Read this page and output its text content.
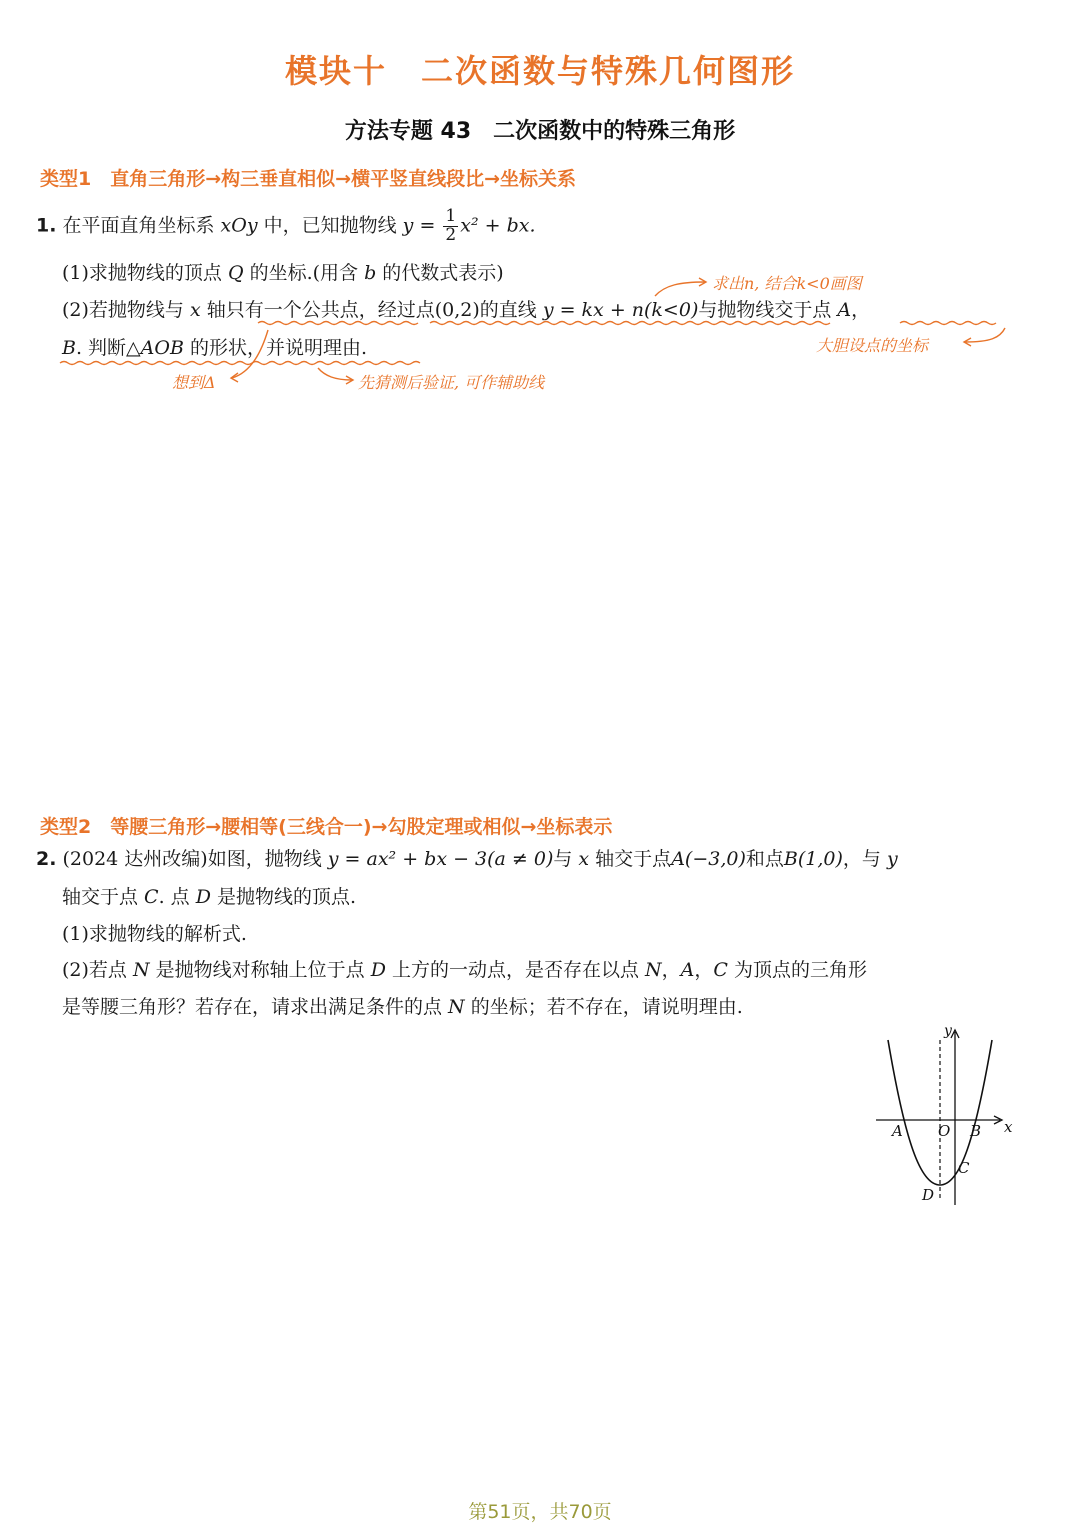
模块十　二次函数与特殊几何图形
方法专题 43　二次函数中的特殊三角形
类型1　直角三角形→构三垂直相似→横平竖直线段比→坐标关系
1. 在平面直角坐标系 xOy 中，已知抛物线 $y = \frac{1}{2} x^2$ + bx.
(1)求抛物线的顶点 Q 的坐标.(用含 b 的代数式表示)
(2)若抛物线与 x 轴只有一个公共点，经过点(0,2)的直线 y = kx + n(k<0)与抛物线交于点 A，
B. 判断△AOB 的形状，并说明理由.
求出n, 结合k<0画图
大胆设点的坐标
想到Δ	先猜测后验证, 可作辅助线
类型2　等腰三角形→腰相等(三线合一)→勾股定理或相似→坐标表示
2. (2024 达州改编)如图，抛物线 y = ax² + bx − 3(a ≠ 0)与 x 轴交于点A(−3,0)和点B(1,0)，与 y
轴交于点 C. 点 D 是抛物线的顶点.
(1)求抛物线的解析式.
(2)若点 N 是抛物线对称轴上位于点 D 上方的一动点，是否存在以点 N，A，C 为顶点的三角形
是等腰三角形？若存在，请求出满足条件的点 N 的坐标；若不存在，请说明理由.
y
x
A O B
C
D
第51页，共70页
